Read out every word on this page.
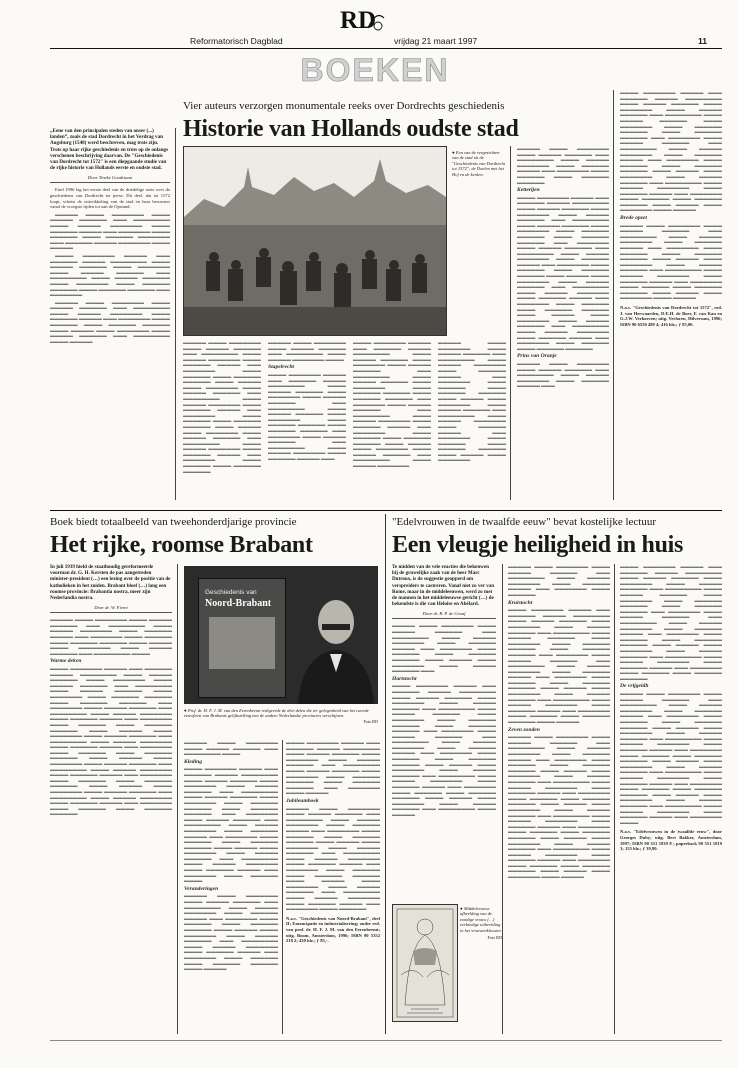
RD
Reformatorisch Dagblad	vrijdag 21 maart 1997	11
BOEKEN
„Eene van den principalen steden van onser (...) landen”, zoals de stad Dordrecht in het Verdrag van Augsburg (1548) werd beschreven, mag trots zijn. Trots op haar rijke geschiedenis en trots op de onlangs verschenen beschrijving daarvan. De "Geschiedenis van Dordrecht tot 1572" is een diepgaande studie van de rijke historie van Hollands eerste en oudste stad.
Door Tineke Goudriaan

Eind 1996 lag het eerste deel van de driedelige serie over de geschiedenis van Dordrecht ter perse. Dit deel, dat tot 1572 loopt, schetst de ontwikkeling van de stad en haar bewoners vanaf de vroegste tijden tot aan de Opstand.

▬▬▬▬▬ ▬▬▬▬ ▬▬▬▬▬▬▬ ▬▬▬▬ ▬▬▬▬▬ ▬▬▬▬▬▬ ▬▬▬ ▬▬▬▬▬▬▬▬ ▬▬▬▬ ▬▬▬▬▬ ▬▬▬▬▬▬▬ ▬▬▬▬ ▬▬▬▬▬▬ ▬▬▬▬▬ ▬▬▬ ▬▬▬▬▬▬▬ ▬▬▬▬ ▬▬▬▬▬▬ ▬▬▬▬ ▬▬▬▬▬▬ ▬▬▬▬▬▬▬ ▬▬▬ ▬▬▬▬▬▬ ▬▬▬▬▬ ▬▬▬▬▬▬▬ ▬▬▬▬ ▬▬▬▬▬

▬▬▬▬ ▬▬▬▬▬▬▬ ▬▬▬▬▬ ▬▬▬ ▬▬▬▬▬▬ ▬▬▬▬▬ ▬▬▬▬▬▬▬▬ ▬▬▬▬ ▬▬▬▬▬ ▬▬▬▬▬▬ ▬▬▬▬ ▬▬▬▬▬▬▬ ▬▬▬▬ ▬▬▬▬▬ ▬▬▬▬▬▬ ▬▬▬ ▬▬▬▬▬▬▬▬ ▬▬▬▬ ▬▬▬▬▬ ▬▬▬▬▬▬ ▬▬▬▬ ▬▬▬▬▬▬▬ ▬▬▬▬ ▬▬▬▬▬▬ ▬▬▬▬▬▬ ▬▬▬▬ ▬▬▬▬▬▬ ▬▬▬▬▬▬ ▬▬▬ ▬▬▬▬▬▬▬

▬▬▬▬▬ ▬▬▬▬ ▬▬▬▬▬▬▬ ▬▬▬▬ ▬▬▬▬▬ ▬▬▬▬▬▬ ▬▬▬ ▬▬▬▬▬▬▬▬ ▬▬▬▬ ▬▬▬▬▬ ▬▬▬▬▬▬▬ ▬▬▬▬ ▬▬▬▬▬▬ ▬▬▬▬▬ ▬▬▬ ▬▬▬▬▬▬▬ ▬▬▬▬ ▬▬▬▬▬▬ ▬▬▬▬ ▬▬▬▬▬▬ ▬▬▬▬▬▬ ▬▬▬▬ ▬▬▬▬▬ ▬▬▬▬ ▬▬▬▬▬▬▬ ▬▬▬▬ ▬▬▬▬▬ ▬▬▬▬▬▬ ▬▬▬ ▬▬▬▬▬▬▬▬ ▬▬▬▬ ▬▬▬▬▬

Vier auteurs verzorgen monumentale reeks over Dordrechts geschiedenis
Historie van Hollands oudste stad
● Een van de vergezichten van de stad uit de "Geschiedenis van Dordrecht tot 1572": de Doelen met het Hof en de kerken.
▬▬▬▬▬ ▬▬▬▬ ▬▬▬▬▬▬▬ ▬▬▬▬ ▬▬▬▬▬ ▬▬▬▬▬▬ ▬▬▬ ▬▬▬▬▬▬▬▬ ▬▬▬▬ ▬▬▬▬▬ ▬▬▬▬▬▬▬ ▬▬▬▬ ▬▬▬▬▬▬ ▬▬▬▬▬ ▬▬▬ ▬▬▬▬▬▬▬ ▬▬▬▬ ▬▬▬▬▬▬ ▬▬▬▬ ▬▬▬▬▬▬ ▬▬▬▬▬▬ ▬▬▬▬ ▬▬▬▬▬ ▬▬▬▬ ▬▬▬▬▬▬▬ ▬▬▬▬ ▬▬▬▬▬ ▬▬▬▬▬▬ ▬▬▬ ▬▬▬▬▬▬▬▬ ▬▬▬▬ ▬▬▬▬▬ ▬▬▬▬▬▬▬ ▬▬▬▬ ▬▬▬▬▬▬ ▬▬▬▬▬ ▬▬▬ ▬▬▬▬▬▬▬ ▬▬▬▬ ▬▬▬▬▬▬ ▬▬▬▬ ▬▬▬▬▬▬ ▬▬▬▬▬▬ ▬▬▬▬ ▬▬▬▬▬ ▬▬▬▬ ▬▬▬▬▬▬▬ ▬▬▬▬ ▬▬▬▬▬ ▬▬▬▬▬▬ ▬▬▬ ▬▬▬▬▬▬▬▬ ▬▬▬▬ ▬▬▬▬▬ ▬▬▬▬▬▬▬ ▬▬▬▬ ▬▬▬▬▬▬ ▬▬▬▬▬ ▬▬▬ ▬▬▬▬▬▬▬ ▬▬▬▬ ▬▬▬▬▬▬ ▬▬▬▬ ▬▬▬▬▬▬ ▬▬▬▬▬▬
▬▬▬▬▬ ▬▬▬▬ ▬▬▬▬▬▬▬ ▬▬▬▬ ▬▬▬▬▬ ▬▬▬▬▬▬ ▬▬▬ ▬▬▬▬▬▬▬▬ ▬▬▬▬ ▬▬▬▬▬ ▬▬▬▬▬▬▬ ▬▬▬▬
Stapelrecht
▬▬▬▬ ▬▬▬▬▬▬▬ ▬▬▬▬▬ ▬▬▬ ▬▬▬▬▬▬ ▬▬▬▬▬ ▬▬▬▬▬▬▬▬ ▬▬▬▬ ▬▬▬▬▬ ▬▬▬▬▬▬ ▬▬▬▬ ▬▬▬▬▬▬▬ ▬▬▬▬ ▬▬▬▬▬ ▬▬▬▬▬▬ ▬▬▬ ▬▬▬▬▬▬▬▬ ▬▬▬▬ ▬▬▬▬▬ ▬▬▬▬▬▬ ▬▬▬▬ ▬▬▬▬▬▬▬ ▬▬▬▬ ▬▬▬▬▬▬ ▬▬▬▬▬▬ ▬▬▬▬ ▬▬▬▬▬▬ ▬▬▬▬▬▬ ▬▬▬ ▬▬▬▬▬▬▬ ▬▬▬▬ ▬▬▬▬▬ ▬▬▬▬▬▬ ▬▬▬ ▬▬▬▬▬▬▬▬ ▬▬▬▬ ▬▬▬▬▬ ▬▬▬▬▬▬▬ ▬▬▬▬ ▬▬▬▬▬▬ ▬▬▬▬▬ ▬▬▬
▬▬▬▬ ▬▬▬▬▬▬▬ ▬▬▬▬▬ ▬▬▬ ▬▬▬▬▬▬ ▬▬▬▬▬ ▬▬▬▬▬▬▬▬ ▬▬▬▬ ▬▬▬▬▬ ▬▬▬▬▬▬ ▬▬▬▬ ▬▬▬▬▬▬▬ ▬▬▬▬ ▬▬▬▬▬ ▬▬▬▬▬▬ ▬▬▬ ▬▬▬▬▬▬▬▬ ▬▬▬▬ ▬▬▬▬▬ ▬▬▬▬▬▬ ▬▬▬▬ ▬▬▬▬▬▬▬ ▬▬▬▬ ▬▬▬▬▬▬ ▬▬▬▬▬▬ ▬▬▬▬ ▬▬▬▬▬▬ ▬▬▬▬▬▬ ▬▬▬ ▬▬▬▬▬▬▬ ▬▬▬▬ ▬▬▬▬▬ ▬▬▬▬▬▬ ▬▬▬ ▬▬▬▬▬▬▬▬ ▬▬▬▬ ▬▬▬▬▬ ▬▬▬▬▬▬▬ ▬▬▬▬ ▬▬▬▬▬▬ ▬▬▬▬▬ ▬▬▬ ▬▬▬▬▬▬▬ ▬▬▬▬ ▬▬▬▬▬▬ ▬▬▬▬ ▬▬▬▬▬▬ ▬▬▬▬▬▬ ▬▬▬▬ ▬▬▬▬▬ ▬▬▬▬ ▬▬▬▬▬▬▬ ▬▬▬▬ ▬▬▬▬▬ ▬▬▬▬▬▬ ▬▬▬ ▬▬▬▬▬▬▬▬ ▬▬▬▬ ▬▬▬▬▬ ▬▬▬▬▬▬▬
▬▬▬▬▬ ▬▬▬▬ ▬▬▬▬▬▬▬ ▬▬▬▬ ▬▬▬▬▬ ▬▬▬▬▬▬ ▬▬▬ ▬▬▬▬▬▬▬▬ ▬▬▬▬ ▬▬▬▬▬ ▬▬▬▬▬▬▬ ▬▬▬▬ ▬▬▬▬▬▬ ▬▬▬▬▬ ▬▬▬ ▬▬▬▬▬▬▬ ▬▬▬▬ ▬▬▬▬▬▬ ▬▬▬▬ ▬▬▬▬▬▬ ▬▬▬▬▬▬ ▬▬▬▬ ▬▬▬▬▬ ▬▬▬▬ ▬▬▬▬▬▬▬ ▬▬▬▬ ▬▬▬▬▬ ▬▬▬▬▬▬ ▬▬▬ ▬▬▬▬▬▬▬▬ ▬▬▬▬ ▬▬▬▬▬ ▬▬▬▬▬▬▬ ▬▬▬▬ ▬▬▬▬▬▬ ▬▬▬▬▬ ▬▬▬ ▬▬▬▬▬▬▬ ▬▬▬▬ ▬▬▬▬▬▬ ▬▬▬▬ ▬▬▬▬▬▬ ▬▬▬▬▬▬ ▬▬▬▬ ▬▬▬▬▬ ▬▬▬▬ ▬▬▬▬▬▬▬
▬▬▬▬▬ ▬▬▬▬ ▬▬▬▬▬▬▬ ▬▬▬▬ ▬▬▬▬▬ ▬▬▬▬▬▬ ▬▬▬ ▬▬▬▬▬▬▬▬ ▬▬▬▬ ▬▬▬▬▬ ▬▬▬▬▬▬▬ ▬▬▬▬ ▬▬▬▬▬▬ ▬▬▬▬▬ ▬▬▬ ▬▬▬▬▬▬▬ ▬▬▬▬ ▬▬▬▬▬▬ ▬▬▬▬ ▬▬▬▬▬▬ ▬▬▬▬▬▬
Ketterijen
▬▬▬▬ ▬▬▬▬▬▬▬ ▬▬▬▬▬ ▬▬▬ ▬▬▬▬▬▬ ▬▬▬▬▬ ▬▬▬▬▬▬▬▬ ▬▬▬▬ ▬▬▬▬▬ ▬▬▬▬▬▬ ▬▬▬▬ ▬▬▬▬▬▬▬ ▬▬▬▬ ▬▬▬▬▬ ▬▬▬▬▬▬ ▬▬▬ ▬▬▬▬▬▬▬▬ ▬▬▬▬ ▬▬▬▬▬ ▬▬▬▬▬▬ ▬▬▬▬ ▬▬▬▬▬▬▬ ▬▬▬▬ ▬▬▬▬▬▬ ▬▬▬▬▬▬ ▬▬▬▬ ▬▬▬▬▬▬ ▬▬▬▬▬▬ ▬▬▬ ▬▬▬▬▬▬▬ ▬▬▬▬ ▬▬▬▬▬ ▬▬▬▬▬▬ ▬▬▬ ▬▬▬▬▬▬▬▬ ▬▬▬▬ ▬▬▬▬▬ ▬▬▬▬▬▬▬ ▬▬▬▬ ▬▬▬▬▬▬ ▬▬▬▬▬ ▬▬▬ ▬▬▬▬▬▬▬ ▬▬▬▬ ▬▬▬▬▬▬ ▬▬▬▬ ▬▬▬▬▬▬ ▬▬▬▬▬▬ ▬▬▬▬ ▬▬▬▬▬ ▬▬▬▬ ▬▬▬▬▬▬▬ ▬▬▬▬ ▬▬▬▬▬ ▬▬▬▬▬▬ ▬▬▬ ▬▬▬▬▬▬▬▬ ▬▬▬▬ ▬▬▬▬▬ ▬▬▬▬▬▬▬ ▬▬▬▬ ▬▬▬▬▬▬ ▬▬▬▬▬ ▬▬▬ ▬▬▬▬▬▬▬ ▬▬▬▬ ▬▬▬▬▬▬ ▬▬▬▬ ▬▬▬▬▬▬ ▬▬▬▬▬▬ ▬▬▬▬ ▬▬▬▬▬ ▬▬▬▬ ▬▬▬▬▬▬▬ ▬▬▬▬ ▬▬▬▬▬ ▬▬▬▬▬▬ ▬▬▬ ▬▬▬▬▬▬▬▬ ▬▬▬▬ ▬▬▬▬▬ ▬▬▬▬▬▬▬ ▬▬▬▬ ▬▬▬▬▬▬ ▬▬▬▬▬ ▬▬▬ ▬▬▬▬▬▬▬ ▬▬▬▬ ▬▬▬▬▬▬ ▬▬▬▬ ▬▬▬▬▬▬ ▬▬▬▬▬▬
Prins van Oranje
▬▬▬▬▬ ▬▬▬▬ ▬▬▬▬▬▬▬ ▬▬▬▬ ▬▬▬▬▬ ▬▬▬▬▬▬ ▬▬▬ ▬▬▬▬▬▬▬▬ ▬▬▬▬ ▬▬▬▬▬ ▬▬▬▬▬▬▬ ▬▬▬▬ ▬▬▬▬▬▬ ▬▬▬▬▬ ▬▬▬
▬▬▬▬ ▬▬▬▬▬▬▬ ▬▬▬▬▬ ▬▬▬ ▬▬▬▬▬▬ ▬▬▬▬▬ ▬▬▬▬▬▬▬▬ ▬▬▬▬ ▬▬▬▬▬ ▬▬▬▬▬▬ ▬▬▬▬ ▬▬▬▬▬▬▬ ▬▬▬▬ ▬▬▬▬▬ ▬▬▬▬▬▬ ▬▬▬ ▬▬▬▬▬▬▬▬ ▬▬▬▬ ▬▬▬▬▬ ▬▬▬▬▬▬ ▬▬▬▬ ▬▬▬▬▬▬▬ ▬▬▬▬ ▬▬▬▬▬▬ ▬▬▬▬▬▬ ▬▬▬▬ ▬▬▬▬▬▬ ▬▬▬▬▬▬ ▬▬▬ ▬▬▬▬▬▬▬ ▬▬▬▬ ▬▬▬▬▬ ▬▬▬▬▬▬ ▬▬▬ ▬▬▬▬▬▬▬▬ ▬▬▬▬ ▬▬▬▬▬ ▬▬▬▬▬▬▬ ▬▬▬▬ ▬▬▬▬▬▬ ▬▬▬▬▬ ▬▬▬ ▬▬▬▬▬▬▬ ▬▬▬▬ ▬▬▬▬▬▬ ▬▬▬▬ ▬▬▬▬▬▬ ▬▬▬▬▬▬ ▬▬▬▬ ▬▬▬▬▬ ▬▬▬▬ ▬▬▬▬▬▬▬ ▬▬▬▬ ▬▬▬▬▬ ▬▬▬▬▬▬ ▬▬▬ ▬▬▬▬▬▬▬▬ ▬▬▬▬ ▬▬▬▬▬ ▬▬▬▬▬▬▬ ▬▬▬▬ ▬▬▬▬▬▬ ▬▬▬▬▬ ▬▬▬ ▬▬▬▬▬▬▬ ▬▬▬▬ ▬▬▬▬▬▬ ▬▬▬▬ ▬▬▬▬▬▬ ▬▬▬▬▬▬ ▬▬▬▬ ▬▬▬▬▬ ▬▬▬▬ ▬▬▬▬▬▬▬ ▬▬▬▬ ▬▬▬▬▬
Brede opzet
▬▬▬▬▬ ▬▬▬▬ ▬▬▬▬▬▬▬ ▬▬▬▬ ▬▬▬▬▬ ▬▬▬▬▬▬ ▬▬▬ ▬▬▬▬▬▬▬▬ ▬▬▬▬ ▬▬▬▬▬ ▬▬▬▬▬▬▬ ▬▬▬▬ ▬▬▬▬▬▬ ▬▬▬▬▬ ▬▬▬ ▬▬▬▬▬▬▬ ▬▬▬▬ ▬▬▬▬▬▬ ▬▬▬▬ ▬▬▬▬▬▬ ▬▬▬▬▬▬ ▬▬▬▬ ▬▬▬▬▬ ▬▬▬▬ ▬▬▬▬▬▬▬ ▬▬▬▬ ▬▬▬▬▬ ▬▬▬▬▬▬ ▬▬▬ ▬▬▬▬▬▬▬▬ ▬▬▬▬ ▬▬▬▬▬ ▬▬▬▬▬▬▬ ▬▬▬▬ ▬▬▬▬▬▬ ▬▬▬▬▬ ▬▬▬ ▬▬▬▬▬▬▬ ▬▬▬▬ ▬▬▬▬▬▬ ▬▬▬▬ ▬▬▬▬▬▬ ▬▬▬▬▬▬ ▬▬▬▬ ▬▬▬▬▬ ▬▬▬▬ ▬▬▬▬▬▬▬ ▬▬▬▬ ▬▬▬▬▬
N.a.v. "Geschiedenis van Dordrecht tot 1572", red. J. van Herwaarden, D.E.H. de Boer, F. van Kan en G.J.W. Verhoeven; uitg. Verloren, Hilversum, 1996; ISBN 90 6550 489 4; 416 blz.; ƒ 85,00.
Boek biedt totaalbeeld van tweehonderdjarige provincie
Het rijke, roomse Brabant
In juli 1939 hield de staathoudig gereformeerde voorman dr. G. H. Kersten de pas aangetreden minister-president (…) een lezing over de positie van de katholieken in het zuiden. Brabant bleef (…) lang een roomse provincie: Brabantia nostra, meer zijn Nederlandia nostra.
Door dr. W. Fieret
▬▬▬▬▬ ▬▬▬▬ ▬▬▬▬▬▬▬ ▬▬▬▬ ▬▬▬▬▬ ▬▬▬▬▬▬ ▬▬▬ ▬▬▬▬▬▬▬▬ ▬▬▬▬ ▬▬▬▬▬ ▬▬▬▬▬▬▬ ▬▬▬▬ ▬▬▬▬▬▬ ▬▬▬▬▬ ▬▬▬ ▬▬▬▬▬▬▬ ▬▬▬▬ ▬▬▬▬▬▬ ▬▬▬▬ ▬▬▬▬▬▬ ▬▬▬▬▬▬ ▬▬▬▬ ▬▬▬▬▬ ▬▬▬▬ ▬▬▬▬▬▬▬ ▬▬▬▬ ▬▬▬▬▬ ▬▬▬▬▬▬ ▬▬▬ ▬▬▬▬▬▬▬▬ ▬▬▬▬
Warme deken
▬▬▬▬ ▬▬▬▬▬▬▬ ▬▬▬▬▬ ▬▬▬ ▬▬▬▬▬▬ ▬▬▬▬▬ ▬▬▬▬▬▬▬▬ ▬▬▬▬ ▬▬▬▬▬ ▬▬▬▬▬▬ ▬▬▬▬ ▬▬▬▬▬▬▬ ▬▬▬▬ ▬▬▬▬▬ ▬▬▬▬▬▬ ▬▬▬ ▬▬▬▬▬▬▬▬ ▬▬▬▬ ▬▬▬▬▬ ▬▬▬▬▬▬ ▬▬▬▬ ▬▬▬▬▬▬▬ ▬▬▬▬ ▬▬▬▬▬▬ ▬▬▬▬▬▬ ▬▬▬▬ ▬▬▬▬▬▬ ▬▬▬▬▬▬ ▬▬▬ ▬▬▬▬▬▬▬ ▬▬▬▬ ▬▬▬▬▬ ▬▬▬▬▬▬ ▬▬▬ ▬▬▬▬▬▬▬▬ ▬▬▬▬ ▬▬▬▬▬ ▬▬▬▬▬▬▬ ▬▬▬▬ ▬▬▬▬▬▬ ▬▬▬▬▬ ▬▬▬ ▬▬▬▬▬▬▬ ▬▬▬▬ ▬▬▬▬▬▬ ▬▬▬▬ ▬▬▬▬▬▬ ▬▬▬▬▬▬ ▬▬▬▬ ▬▬▬▬▬ ▬▬▬▬ ▬▬▬▬▬▬▬ ▬▬▬▬ ▬▬▬▬▬ ▬▬▬▬▬▬ ▬▬▬ ▬▬▬▬▬▬▬▬ ▬▬▬▬ ▬▬▬▬▬ ▬▬▬▬▬▬▬ ▬▬▬▬ ▬▬▬▬▬▬ ▬▬▬▬▬ ▬▬▬ ▬▬▬▬▬▬▬ ▬▬▬▬ ▬▬▬▬▬▬ ▬▬▬▬ ▬▬▬▬▬▬ ▬▬▬▬▬▬ ▬▬▬▬ ▬▬▬▬▬ ▬▬▬▬ ▬▬▬▬▬▬▬ ▬▬▬▬ ▬▬▬▬▬ ▬▬▬▬▬▬ ▬▬▬ ▬▬▬▬▬▬▬▬ ▬▬▬▬ ▬▬▬▬▬ ▬▬▬▬▬▬▬ ▬▬▬▬ ▬▬▬▬▬▬ ▬▬▬▬▬ ▬▬▬ ▬▬▬▬▬▬▬ ▬▬▬▬ ▬▬▬▬▬▬ ▬▬▬▬ ▬▬▬▬▬▬ ▬▬▬▬▬▬ ▬▬▬▬ ▬▬▬▬▬ ▬▬▬▬ ▬▬▬▬▬▬▬ ▬▬▬▬ ▬▬▬▬▬ ▬▬▬▬▬▬ ▬▬▬ ▬▬▬▬▬▬▬▬ ▬▬▬▬ ▬▬▬▬▬ ▬▬▬▬▬▬▬ ▬▬▬▬ ▬▬▬▬▬▬ ▬▬▬▬▬ ▬▬▬ ▬▬▬▬▬▬▬ ▬▬▬▬ ▬▬▬▬▬▬ ▬▬▬▬ ▬▬▬▬▬▬ ▬▬▬▬▬▬
Geschiedenis van
Noord-Brabant
● Prof. dr. H. F. J. M. van den Eerenbeemt redigeerde de drie delen die ter gelegenheid van het tweede eeuwfeest van Brabants gelijkstelling met de andere Nederlandse provincies verschijnen.
Foto RD
▬▬▬▬▬ ▬▬▬▬ ▬▬▬▬▬▬▬ ▬▬▬▬ ▬▬▬▬▬ ▬▬▬▬▬▬ ▬▬▬ ▬▬▬▬▬▬▬▬ ▬▬▬▬
Kleding
▬▬▬▬ ▬▬▬▬▬▬▬ ▬▬▬▬▬ ▬▬▬ ▬▬▬▬▬▬ ▬▬▬▬▬ ▬▬▬▬▬▬▬▬ ▬▬▬▬ ▬▬▬▬▬ ▬▬▬▬▬▬ ▬▬▬▬ ▬▬▬▬▬▬▬ ▬▬▬▬ ▬▬▬▬▬ ▬▬▬▬▬▬ ▬▬▬ ▬▬▬▬▬▬▬▬ ▬▬▬▬ ▬▬▬▬▬ ▬▬▬▬▬▬ ▬▬▬▬ ▬▬▬▬▬▬▬ ▬▬▬▬ ▬▬▬▬▬▬ ▬▬▬▬▬▬ ▬▬▬▬ ▬▬▬▬▬▬ ▬▬▬▬▬▬ ▬▬▬ ▬▬▬▬▬▬▬ ▬▬▬▬ ▬▬▬▬▬ ▬▬▬▬▬▬ ▬▬▬ ▬▬▬▬▬▬▬▬ ▬▬▬▬ ▬▬▬▬▬ ▬▬▬▬▬▬▬ ▬▬▬▬ ▬▬▬▬▬▬ ▬▬▬▬▬ ▬▬▬ ▬▬▬▬▬▬▬ ▬▬▬▬ ▬▬▬▬▬▬ ▬▬▬▬ ▬▬▬▬▬▬ ▬▬▬▬▬▬ ▬▬▬▬ ▬▬▬▬▬ ▬▬▬▬ ▬▬▬▬▬▬▬ ▬▬▬▬ ▬▬▬▬▬ ▬▬▬▬▬▬ ▬▬▬ ▬▬▬▬▬▬▬▬ ▬▬▬▬ ▬▬▬▬▬ ▬▬▬▬▬▬▬ ▬▬▬▬ ▬▬▬▬▬▬ ▬▬▬▬▬ ▬▬▬ ▬▬▬▬▬▬▬ ▬▬▬▬ ▬▬▬▬▬▬ ▬▬▬▬
Veranderingen
▬▬▬▬▬ ▬▬▬▬ ▬▬▬▬▬▬▬ ▬▬▬▬ ▬▬▬▬▬ ▬▬▬▬▬▬ ▬▬▬ ▬▬▬▬▬▬▬▬ ▬▬▬▬ ▬▬▬▬▬ ▬▬▬▬▬▬▬ ▬▬▬▬ ▬▬▬▬▬▬ ▬▬▬▬▬ ▬▬▬ ▬▬▬▬▬▬▬ ▬▬▬▬ ▬▬▬▬▬▬ ▬▬▬▬ ▬▬▬▬▬▬ ▬▬▬▬▬▬ ▬▬▬▬ ▬▬▬▬▬ ▬▬▬▬ ▬▬▬▬▬▬▬ ▬▬▬▬ ▬▬▬▬▬ ▬▬▬▬▬▬ ▬▬▬ ▬▬▬▬▬▬▬▬ ▬▬▬▬ ▬▬▬▬▬ ▬▬▬▬▬▬▬ ▬▬▬▬ ▬▬▬▬▬▬ ▬▬▬▬▬ ▬▬▬ ▬▬▬▬▬▬▬ ▬▬▬▬ ▬▬▬▬▬▬ ▬▬▬▬ ▬▬▬▬▬▬ ▬▬▬▬▬▬ ▬▬▬▬ ▬▬▬▬▬
▬▬▬▬ ▬▬▬▬▬▬▬ ▬▬▬▬▬ ▬▬▬ ▬▬▬▬▬▬ ▬▬▬▬▬ ▬▬▬▬▬▬▬▬ ▬▬▬▬ ▬▬▬▬▬ ▬▬▬▬▬▬ ▬▬▬▬ ▬▬▬▬▬▬▬ ▬▬▬▬ ▬▬▬▬▬ ▬▬▬▬▬▬ ▬▬▬ ▬▬▬▬▬▬▬▬ ▬▬▬▬ ▬▬▬▬▬ ▬▬▬▬▬▬ ▬▬▬▬ ▬▬▬▬▬▬▬ ▬▬▬▬ ▬▬▬▬▬▬ ▬▬▬▬▬▬ ▬▬▬▬ ▬▬▬▬▬▬ ▬▬▬▬▬▬ ▬▬▬ ▬▬▬▬▬▬▬ ▬▬▬▬ ▬▬▬▬▬
Jubileumboek
▬▬▬▬▬ ▬▬▬▬ ▬▬▬▬▬▬▬ ▬▬▬▬ ▬▬▬▬▬ ▬▬▬▬▬▬ ▬▬▬ ▬▬▬▬▬▬▬▬ ▬▬▬▬ ▬▬▬▬▬ ▬▬▬▬▬▬▬ ▬▬▬▬ ▬▬▬▬▬▬ ▬▬▬▬▬ ▬▬▬ ▬▬▬▬▬▬▬ ▬▬▬▬ ▬▬▬▬▬▬ ▬▬▬▬ ▬▬▬▬▬▬ ▬▬▬▬▬▬ ▬▬▬▬ ▬▬▬▬▬ ▬▬▬▬ ▬▬▬▬▬▬▬ ▬▬▬▬ ▬▬▬▬▬ ▬▬▬▬▬▬ ▬▬▬ ▬▬▬▬▬▬▬▬ ▬▬▬▬ ▬▬▬▬▬ ▬▬▬▬▬▬▬ ▬▬▬▬ ▬▬▬▬▬▬ ▬▬▬▬▬ ▬▬▬ ▬▬▬▬▬▬▬ ▬▬▬▬ ▬▬▬▬▬▬ ▬▬▬▬ ▬▬▬▬▬▬ ▬▬▬▬▬▬ ▬▬▬▬ ▬▬▬▬▬ ▬▬▬▬ ▬▬▬▬▬▬▬ ▬▬▬▬ ▬▬▬▬▬ ▬▬▬▬▬▬ ▬▬▬ ▬▬▬▬▬▬▬▬ ▬▬▬▬ ▬▬▬▬▬ ▬▬▬▬▬▬▬ ▬▬▬▬ ▬▬▬▬▬▬ ▬▬▬▬▬ ▬▬▬ ▬▬▬▬▬▬▬ ▬▬▬▬ ▬▬▬▬▬▬
N.a.v. "Geschiedenis van Noord-Brabant", deel II; Emancipatie en industrialisering; onder red. van prof. dr. H. F. J. M. van den Eerenbeemt; uitg. Boom, Amsterdam, 1996; ISBN 90 5352 218 2; 430 blz.; ƒ 85,-.
"Edelvrouwen in de twaalfde eeuw" bevat kostelijke lectuur
Een vleugje heiligheid in huis
Te midden van de vele reacties die bekenwen bij de gruwelijke zaak van de heer Marc Dutroux, is de suggestie geopperd om verspreiders te castreren. Vanaf niet zo ver van Rome, maar in de middeleeuwen, werd zo met de mannen in het middeleeuwse gericht (…) de bekendste is die van Heloïse en Abélard.
Door dr. R. P. de Graaf
▬▬▬▬▬ ▬▬▬▬ ▬▬▬▬▬▬▬ ▬▬▬▬ ▬▬▬▬▬ ▬▬▬▬▬▬ ▬▬▬ ▬▬▬▬▬▬▬▬ ▬▬▬▬ ▬▬▬▬▬ ▬▬▬▬▬▬▬ ▬▬▬▬ ▬▬▬▬▬▬ ▬▬▬▬▬ ▬▬▬ ▬▬▬▬▬▬▬ ▬▬▬▬ ▬▬▬▬▬▬ ▬▬▬▬ ▬▬▬▬▬▬ ▬▬▬▬▬▬ ▬▬▬▬ ▬▬▬▬▬ ▬▬▬▬ ▬▬▬▬▬▬▬ ▬▬▬▬ ▬▬▬▬▬ ▬▬▬▬▬▬ ▬▬▬
Hartstocht
▬▬▬▬ ▬▬▬▬▬▬▬ ▬▬▬▬▬ ▬▬▬ ▬▬▬▬▬▬ ▬▬▬▬▬ ▬▬▬▬▬▬▬▬ ▬▬▬▬ ▬▬▬▬▬ ▬▬▬▬▬▬ ▬▬▬▬ ▬▬▬▬▬▬▬ ▬▬▬▬ ▬▬▬▬▬ ▬▬▬▬▬▬ ▬▬▬ ▬▬▬▬▬▬▬▬ ▬▬▬▬ ▬▬▬▬▬ ▬▬▬▬▬▬ ▬▬▬▬ ▬▬▬▬▬▬▬ ▬▬▬▬ ▬▬▬▬▬▬ ▬▬▬▬▬▬ ▬▬▬▬ ▬▬▬▬▬▬ ▬▬▬▬▬▬ ▬▬▬ ▬▬▬▬▬▬▬ ▬▬▬▬ ▬▬▬▬▬ ▬▬▬▬▬▬ ▬▬▬ ▬▬▬▬▬▬▬▬ ▬▬▬▬ ▬▬▬▬▬ ▬▬▬▬▬▬▬ ▬▬▬▬ ▬▬▬▬▬▬ ▬▬▬▬▬ ▬▬▬ ▬▬▬▬▬▬▬ ▬▬▬▬ ▬▬▬▬▬▬ ▬▬▬▬ ▬▬▬▬▬▬ ▬▬▬▬▬▬ ▬▬▬▬ ▬▬▬▬▬ ▬▬▬▬ ▬▬▬▬▬▬▬ ▬▬▬▬ ▬▬▬▬▬ ▬▬▬▬▬▬ ▬▬▬ ▬▬▬▬▬▬▬▬ ▬▬▬▬ ▬▬▬▬▬ ▬▬▬▬▬▬▬ ▬▬▬▬ ▬▬▬▬▬▬ ▬▬▬▬▬ ▬▬▬ ▬▬▬▬▬▬▬ ▬▬▬▬ ▬▬▬▬▬▬ ▬▬▬▬ ▬▬▬▬▬▬ ▬▬▬▬▬▬ ▬▬▬▬ ▬▬▬▬▬ ▬▬▬▬ ▬▬▬▬▬▬▬ ▬▬▬▬ ▬▬▬▬▬ ▬▬▬▬▬▬ ▬▬▬ ▬▬▬▬▬▬▬▬ ▬▬▬▬ ▬▬▬▬▬
● Middeleeuwse afbeelding van de zondige vrouw (…) eerbiedige uitbeelding in het vrouwenklooster.
Foto RD
▬▬▬▬▬ ▬▬▬▬ ▬▬▬▬▬▬▬ ▬▬▬▬ ▬▬▬▬▬ ▬▬▬▬▬▬ ▬▬▬ ▬▬▬▬▬▬▬▬ ▬▬▬▬ ▬▬▬▬▬ ▬▬▬▬▬▬▬ ▬▬▬▬ ▬▬▬▬▬▬ ▬▬▬▬▬ ▬▬▬ ▬▬▬▬▬▬▬ ▬▬▬▬ ▬▬▬▬▬▬
Kruistocht
▬▬▬▬ ▬▬▬▬▬▬▬ ▬▬▬▬▬ ▬▬▬ ▬▬▬▬▬▬ ▬▬▬▬▬ ▬▬▬▬▬▬▬▬ ▬▬▬▬ ▬▬▬▬▬ ▬▬▬▬▬▬ ▬▬▬▬ ▬▬▬▬▬▬▬ ▬▬▬▬ ▬▬▬▬▬ ▬▬▬▬▬▬ ▬▬▬ ▬▬▬▬▬▬▬▬ ▬▬▬▬ ▬▬▬▬▬ ▬▬▬▬▬▬ ▬▬▬▬ ▬▬▬▬▬▬▬ ▬▬▬▬ ▬▬▬▬▬▬ ▬▬▬▬▬▬ ▬▬▬▬ ▬▬▬▬▬▬ ▬▬▬▬▬▬ ▬▬▬ ▬▬▬▬▬▬▬ ▬▬▬▬ ▬▬▬▬▬ ▬▬▬▬▬▬ ▬▬▬ ▬▬▬▬▬▬▬▬ ▬▬▬▬ ▬▬▬▬▬ ▬▬▬▬▬▬▬ ▬▬▬▬ ▬▬▬▬▬▬ ▬▬▬▬▬ ▬▬▬ ▬▬▬▬▬▬▬ ▬▬▬▬ ▬▬▬▬▬▬ ▬▬▬▬ ▬▬▬▬▬▬ ▬▬▬▬▬▬ ▬▬▬▬ ▬▬▬▬▬ ▬▬▬▬ ▬▬▬▬▬▬▬ ▬▬▬▬ ▬▬▬▬▬ ▬▬▬▬▬▬ ▬▬▬ ▬▬▬▬▬▬▬▬ ▬▬▬▬ ▬▬▬▬▬ ▬▬▬▬▬▬▬ ▬▬▬▬ ▬▬▬▬▬▬ ▬▬▬▬▬ ▬▬▬ ▬▬▬▬▬▬▬ ▬▬▬▬ ▬▬▬▬▬▬ ▬▬▬▬ ▬▬▬▬▬▬ ▬▬▬▬▬▬ ▬▬▬▬ ▬▬▬▬▬
Zeven zonden
▬▬▬▬▬ ▬▬▬▬ ▬▬▬▬▬▬▬ ▬▬▬▬ ▬▬▬▬▬ ▬▬▬▬▬▬ ▬▬▬ ▬▬▬▬▬▬▬▬ ▬▬▬▬ ▬▬▬▬▬ ▬▬▬▬▬▬▬ ▬▬▬▬ ▬▬▬▬▬▬ ▬▬▬▬▬ ▬▬▬ ▬▬▬▬▬▬▬ ▬▬▬▬ ▬▬▬▬▬▬ ▬▬▬▬ ▬▬▬▬▬▬ ▬▬▬▬▬▬ ▬▬▬▬ ▬▬▬▬▬ ▬▬▬▬ ▬▬▬▬▬▬▬ ▬▬▬▬ ▬▬▬▬▬ ▬▬▬▬▬▬ ▬▬▬ ▬▬▬▬▬▬▬▬ ▬▬▬▬ ▬▬▬▬▬ ▬▬▬▬▬▬▬ ▬▬▬▬ ▬▬▬▬▬▬ ▬▬▬▬▬ ▬▬▬ ▬▬▬▬▬▬▬ ▬▬▬▬ ▬▬▬▬▬▬ ▬▬▬▬ ▬▬▬▬▬▬ ▬▬▬▬▬▬ ▬▬▬▬ ▬▬▬▬▬ ▬▬▬▬ ▬▬▬▬▬▬▬ ▬▬▬▬ ▬▬▬▬▬ ▬▬▬▬▬▬ ▬▬▬ ▬▬▬▬▬▬▬▬ ▬▬▬▬ ▬▬▬▬▬ ▬▬▬▬▬▬▬ ▬▬▬▬ ▬▬▬▬▬▬ ▬▬▬▬▬ ▬▬▬ ▬▬▬▬▬▬▬ ▬▬▬▬ ▬▬▬▬▬▬ ▬▬▬▬ ▬▬▬▬▬▬ ▬▬▬▬▬▬ ▬▬▬▬ ▬▬▬▬▬ ▬▬▬▬ ▬▬▬▬▬▬▬ ▬▬▬▬ ▬▬▬▬▬ ▬▬▬▬▬▬ ▬▬▬ ▬▬▬▬▬▬▬▬ ▬▬▬▬ ▬▬▬▬▬ ▬▬▬▬▬▬▬ ▬▬▬▬ ▬▬▬▬▬▬ ▬▬▬▬▬ ▬▬▬ ▬▬▬▬▬▬▬ ▬▬▬▬ ▬▬▬▬▬▬ ▬▬▬▬ ▬▬▬▬▬▬ ▬▬▬▬▬▬ ▬▬▬▬ ▬▬▬▬▬ ▬▬▬▬ ▬▬▬▬▬▬▬ ▬▬▬▬ ▬▬▬▬▬
▬▬▬▬ ▬▬▬▬▬▬▬ ▬▬▬▬▬ ▬▬▬ ▬▬▬▬▬▬ ▬▬▬▬▬ ▬▬▬▬▬▬▬▬ ▬▬▬▬ ▬▬▬▬▬ ▬▬▬▬▬▬ ▬▬▬▬ ▬▬▬▬▬▬▬ ▬▬▬▬ ▬▬▬▬▬ ▬▬▬▬▬▬ ▬▬▬ ▬▬▬▬▬▬▬▬ ▬▬▬▬ ▬▬▬▬▬ ▬▬▬▬▬▬ ▬▬▬▬ ▬▬▬▬▬▬▬ ▬▬▬▬ ▬▬▬▬▬▬ ▬▬▬▬▬▬ ▬▬▬▬ ▬▬▬▬▬▬ ▬▬▬▬▬▬ ▬▬▬ ▬▬▬▬▬▬▬ ▬▬▬▬ ▬▬▬▬▬ ▬▬▬▬▬▬ ▬▬▬ ▬▬▬▬▬▬▬▬ ▬▬▬▬ ▬▬▬▬▬ ▬▬▬▬▬▬▬ ▬▬▬▬ ▬▬▬▬▬▬ ▬▬▬▬▬ ▬▬▬ ▬▬▬▬▬▬▬ ▬▬▬▬ ▬▬▬▬▬▬ ▬▬▬▬ ▬▬▬▬▬▬ ▬▬▬▬▬▬ ▬▬▬▬ ▬▬▬▬▬ ▬▬▬▬ ▬▬▬▬▬▬▬ ▬▬▬▬ ▬▬▬▬▬ ▬▬▬▬▬▬ ▬▬▬ ▬▬▬▬▬▬▬▬ ▬▬▬▬ ▬▬▬▬▬ ▬▬▬▬▬▬▬ ▬▬▬▬ ▬▬▬▬▬▬ ▬▬▬▬▬ ▬▬▬ ▬▬▬▬▬▬▬ ▬▬▬▬ ▬▬▬▬▬▬ ▬▬▬▬ ▬▬▬▬▬▬ ▬▬▬▬▬▬
De vrijgeidh
▬▬▬▬▬ ▬▬▬▬ ▬▬▬▬▬▬▬ ▬▬▬▬ ▬▬▬▬▬ ▬▬▬▬▬▬ ▬▬▬ ▬▬▬▬▬▬▬▬ ▬▬▬▬ ▬▬▬▬▬ ▬▬▬▬▬▬▬ ▬▬▬▬ ▬▬▬▬▬▬ ▬▬▬▬▬ ▬▬▬ ▬▬▬▬▬▬▬ ▬▬▬▬ ▬▬▬▬▬▬ ▬▬▬▬ ▬▬▬▬▬▬ ▬▬▬▬▬▬ ▬▬▬▬ ▬▬▬▬▬ ▬▬▬▬ ▬▬▬▬▬▬▬ ▬▬▬▬ ▬▬▬▬▬ ▬▬▬▬▬▬ ▬▬▬ ▬▬▬▬▬▬▬▬ ▬▬▬▬ ▬▬▬▬▬ ▬▬▬▬▬▬▬ ▬▬▬▬ ▬▬▬▬▬▬ ▬▬▬▬▬ ▬▬▬ ▬▬▬▬▬▬▬ ▬▬▬▬ ▬▬▬▬▬▬ ▬▬▬▬ ▬▬▬▬▬▬ ▬▬▬▬▬▬ ▬▬▬▬ ▬▬▬▬▬ ▬▬▬▬ ▬▬▬▬▬▬▬ ▬▬▬▬ ▬▬▬▬▬ ▬▬▬▬▬▬ ▬▬▬ ▬▬▬▬▬▬▬▬ ▬▬▬▬ ▬▬▬▬▬ ▬▬▬▬▬▬▬ ▬▬▬▬ ▬▬▬▬▬▬ ▬▬▬▬▬ ▬▬▬ ▬▬▬▬▬▬▬ ▬▬▬▬ ▬▬▬▬▬▬ ▬▬▬▬ ▬▬▬▬▬▬ ▬▬▬▬▬▬ ▬▬▬▬ ▬▬▬▬▬ ▬▬▬▬ ▬▬▬▬▬▬▬ ▬▬▬▬ ▬▬▬▬▬ ▬▬▬▬▬▬ ▬▬▬ ▬▬▬▬▬▬▬▬ ▬▬▬▬ ▬▬▬▬▬ ▬▬▬▬▬▬▬ ▬▬▬▬ ▬▬▬▬▬▬ ▬▬▬▬▬ ▬▬▬ ▬▬▬▬▬▬▬ ▬▬▬▬
N.a.v. "Edelvrouwen in de twaalfde eeuw", door Georges Duby; uitg. Bert Bakker, Amsterdam, 1997; ISBN 90 351 1839 8 ; paperback 90 351 1819 3; 155 blz.; ƒ 39,90.
